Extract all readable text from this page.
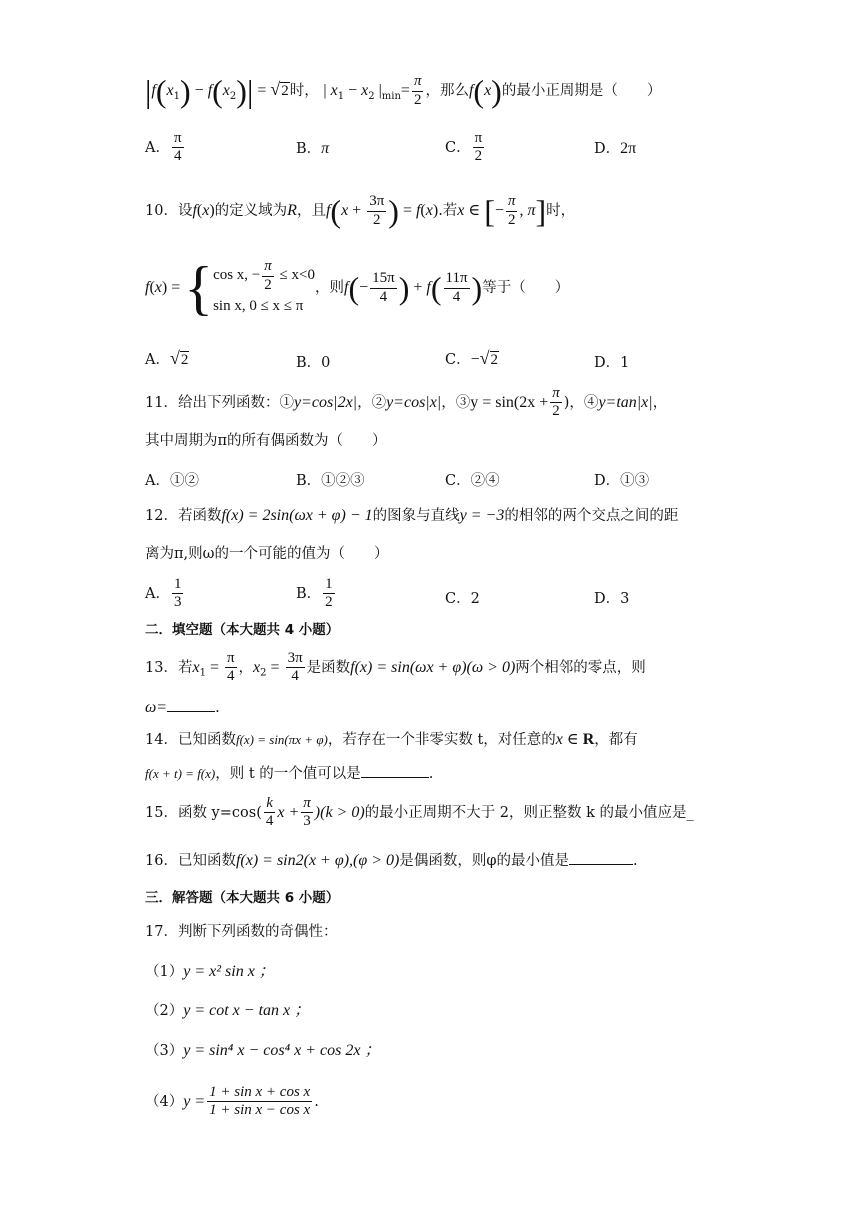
$|f(x_1) - f(x_2)| = √2$时， | $x_1 - x_2$ $|_{min}= \frac{\pi}{2}$ ，那么f(x)的最小正周期是（　　）
A． $\frac{\pi}{4}$	B．π	C． $\frac{\pi}{2}$	D．2π
10．设f(x)的定义域为R，且$f(x + \frac{3\pi}{2}$ ) = f(x).若x ∈ [− $\frac{\pi}{2}$ , π]时，
f(x) = { cos x, − $\frac{\pi}{2} \le x<0$
sin x, 0 ≤ x ≤ π
，则$f(- \frac{15\pi}{4}$ ) + $f( \frac{11\pi}{4}$ )等于（　　）
A．√2	B．0	C．−√2	D．1
11．给出下列函数：①y=cos|2x|，②y=cos|x|，③y = $\sin(2x + \frac{\pi}{2}$ )，④y=tan|x|，
其中周期为π的所有偶函数为（　　）
A．①②	B．①②③	C．②④	D．①③
12．若函数f(x) = 2sin(ωx + φ) − 1的图象与直线y = −3的相邻的两个交点之间的距
离为π,则ω的一个可能的值为（　　）
A． $\frac{1}{3}$	B． $\frac{1}{2}$	C．2	D．3
二．填空题（本大题共 4 小题）
13．若$x_1 = \frac{\pi}{4}$ ，$x_2 = \frac{3\pi}{4}$ 是函数f(x) = sin(ωx + φ)(ω > 0)两个相邻的零点，则
ω=	.
14．已知函数f(x) = sin(πx + φ)，若存在一个非零实数 t，对任意的x ∈ R，都有
f(x + t) = f(x)，则 t 的一个值可以是	.
15．函数 $y=\cos( \frac{k}{4}$ $x + \frac{\pi}{3} )(k > 0)$的最小正周期不大于 2，则正整数 k 的最小值应是_
16．已知函数f(x) = sin2(x + φ),(φ > 0)是偶函数，则φ的最小值是	.
三．解答题（本大题共 6 小题）
17．判断下列函数的奇偶性：
（1）y = x² sin x ；
（2）y = cot x − tan x ；
（3）y = sin⁴ x − cos⁴ x + cos 2x ；
$(4)y = \frac{\text{1 + sin x + cos x}}{\text{1 + sin x − cos x}}$ .
